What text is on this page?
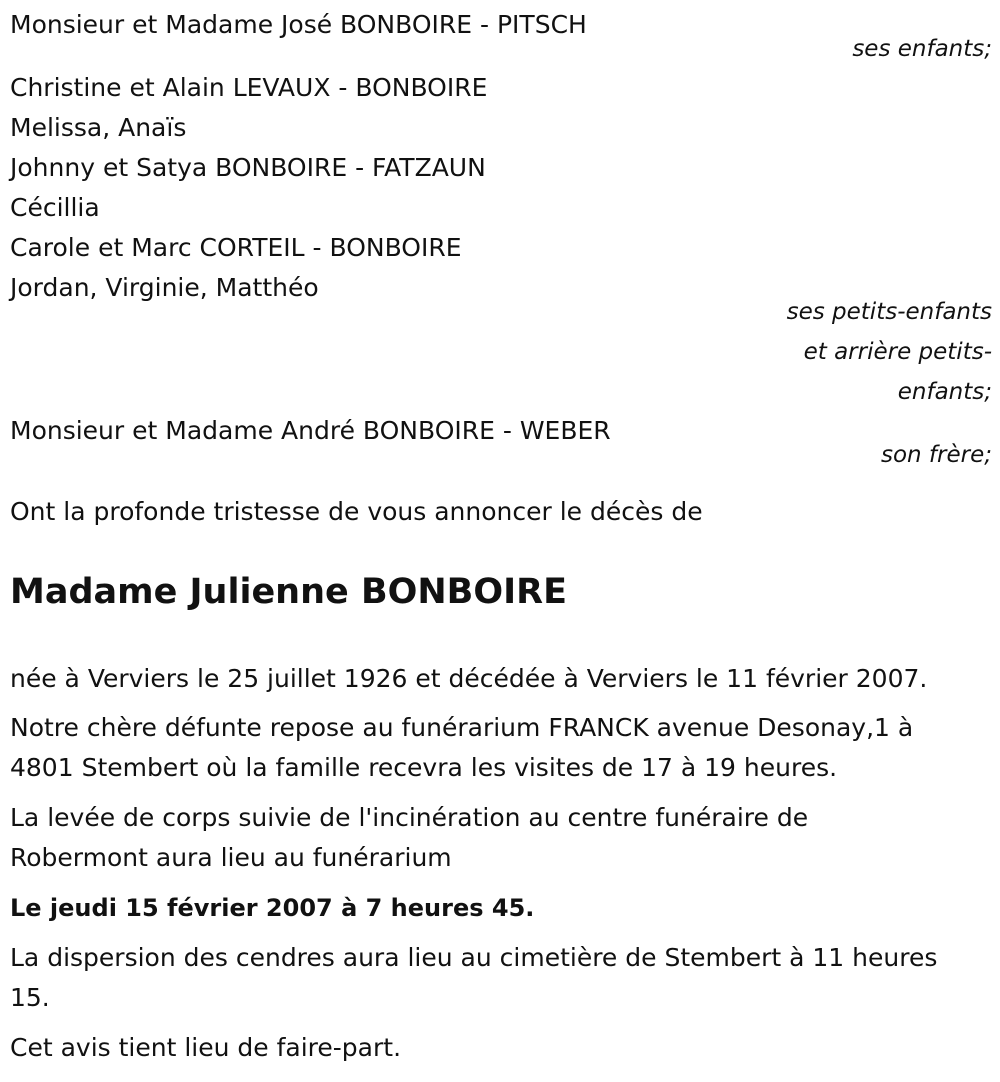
Monsieur et Madame José BONBOIRE - PITSCH
ses enfants;
Christine et Alain LEVAUX - BONBOIRE
Melissa, Anaïs
Johnny et Satya BONBOIRE - FATZAUN
Cécillia
Carole et Marc CORTEIL - BONBOIRE
Jordan, Virginie, Matthéo
ses petits-enfants
et arrière petits-
enfants;
Monsieur et Madame André BONBOIRE - WEBER
son frère;
Ont la profonde tristesse de vous annoncer le décès de
Madame Julienne BONBOIRE
née à Verviers le 25 juillet 1926 et décédée à Verviers le 11 février 2007.
Notre chère défunte repose au funérarium FRANCK avenue Desonay,1 à
4801 Stembert où la famille recevra les visites de 17 à 19 heures.
La levée de corps suivie de l'incinération au centre funéraire de
Robermont aura lieu au funérarium
Le jeudi 15 février 2007 à 7 heures 45.
La dispersion des cendres aura lieu au cimetière de Stembert à 11 heures
15.
Cet avis tient lieu de faire-part.
